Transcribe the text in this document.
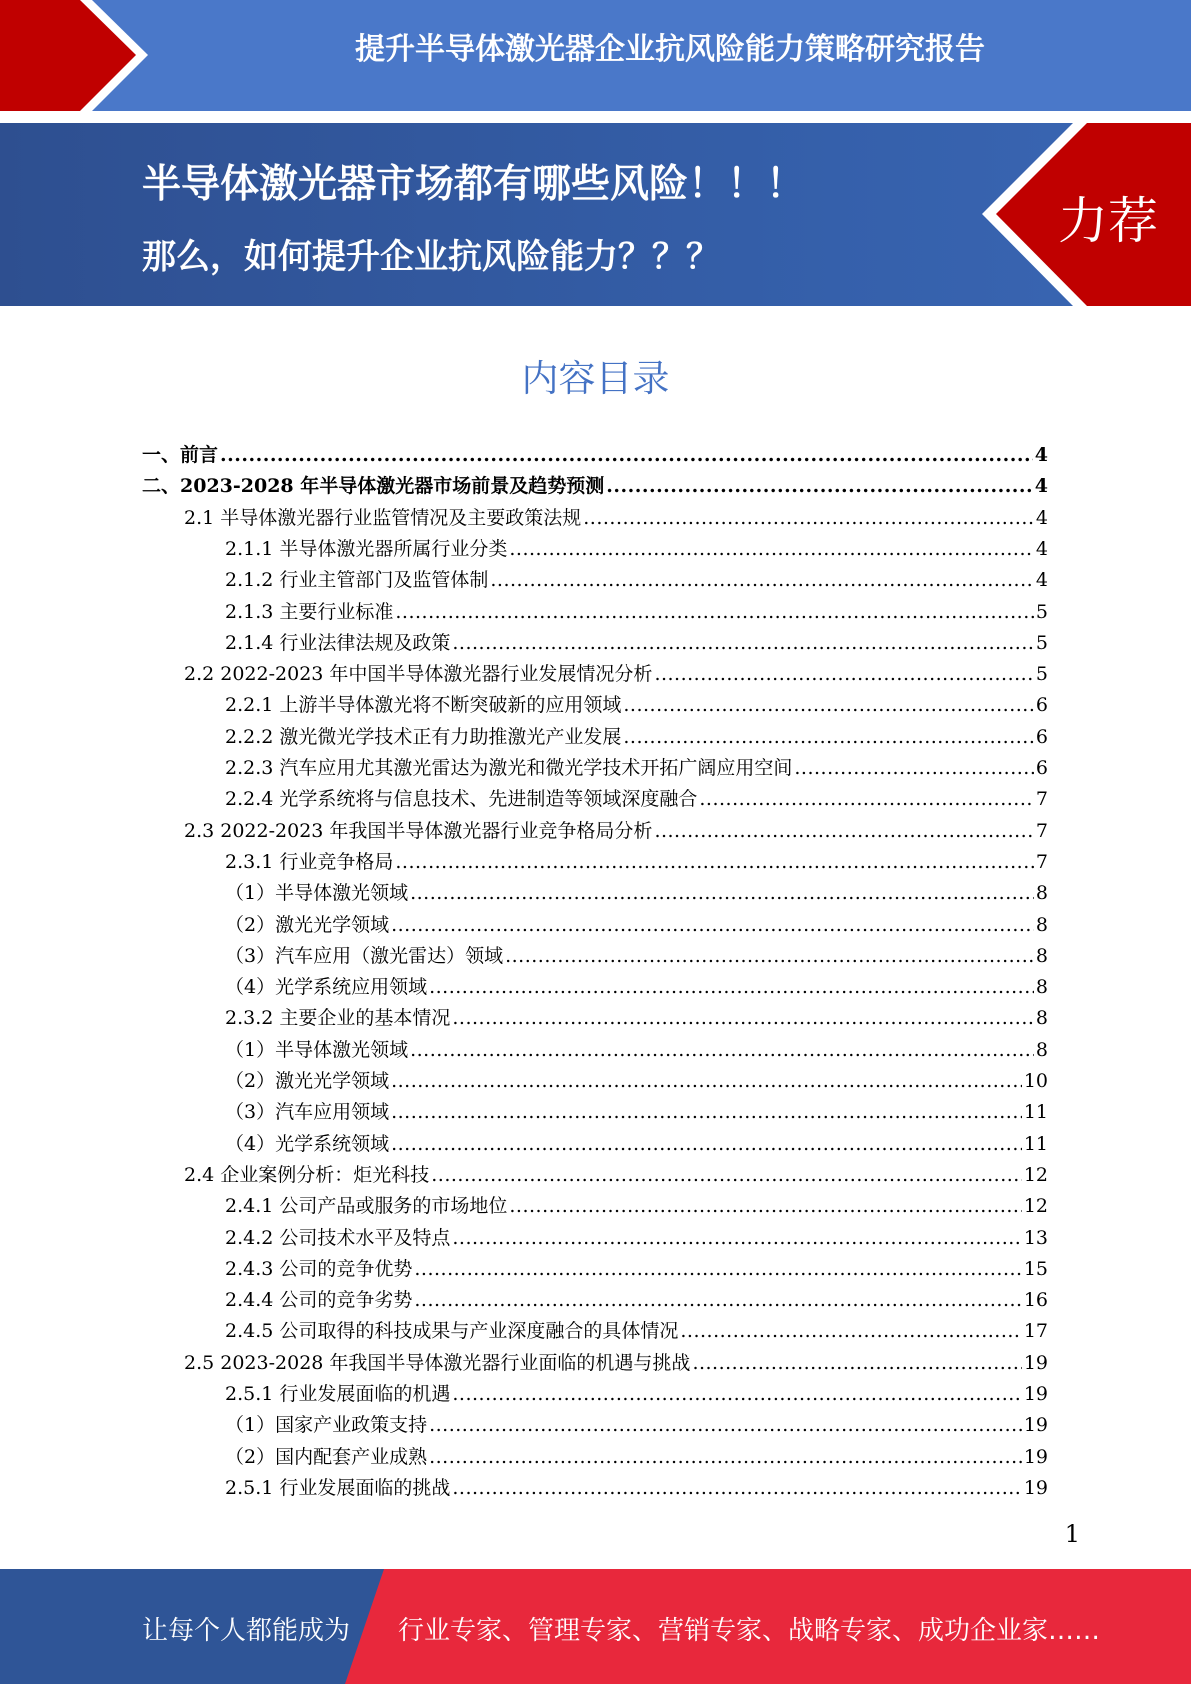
提升半导体激光器企业抗风险能力策略研究报告
半导体激光器市场都有哪些风险！！！
那么，如何提升企业抗风险能力？？？
力荐
内容目录
一、前言 .....	4
二、2023-2028 年半导体激光器市场前景及趋势预测 .....	4
2.1 半导体激光器行业监管情况及主要政策法规 .....	4
2.1.1 半导体激光器所属行业分类 .....	4
2.1.2 行业主管部门及监管体制 .....	4
2.1.3 主要行业标准 .....	5
2.1.4 行业法律法规及政策 .....	5
2.2 2022-2023 年中国半导体激光器行业发展情况分析 .....	5
2.2.1 上游半导体激光将不断突破新的应用领域 .....	6
2.2.2 激光微光学技术正有力助推激光产业发展 .....	6
2.2.3 汽车应用尤其激光雷达为激光和微光学技术开拓广阔应用空间 .....	6
2.2.4 光学系统将与信息技术、先进制造等领域深度融合 .....	7
2.3 2022-2023 年我国半导体激光器行业竞争格局分析 .....	7
2.3.1 行业竞争格局 .....	7
（1）半导体激光领域 .....	8
（2）激光光学领域 .....	8
（3）汽车应用（激光雷达）领域 .....	8
（4）光学系统应用领域 .....	8
2.3.2 主要企业的基本情况 .....	8
（1）半导体激光领域 .....	8
（2）激光光学领域 .....	10
（3）汽车应用领域 .....	11
（4）光学系统领域 .....	11
2.4 企业案例分析：炬光科技 .....	12
2.4.1 公司产品或服务的市场地位 .....	12
2.4.2 公司技术水平及特点 .....	13
2.4.3 公司的竞争优势 .....	15
2.4.4 公司的竞争劣势 .....	16
2.4.5 公司取得的科技成果与产业深度融合的具体情况 .....	17
2.5 2023-2028 年我国半导体激光器行业面临的机遇与挑战 .....	19
2.5.1 行业发展面临的机遇 .....	19
（1）国家产业政策支持 .....	19
（2）国内配套产业成熟 .....	19
2.5.1 行业发展面临的挑战 .....	19
1
让每个人都能成为 行业专家、管理专家、营销专家、战略专家、成功企业家……
